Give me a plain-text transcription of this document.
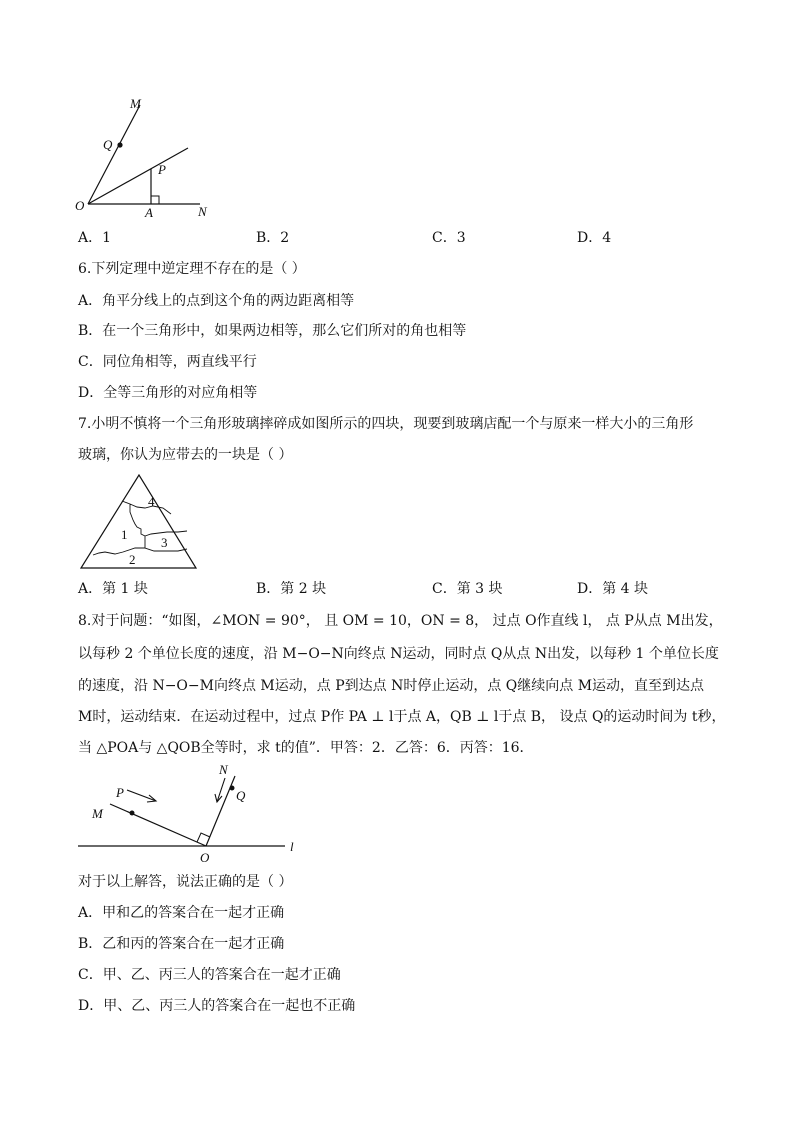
M
Q
P
O	A	N
A．1	B．2	C．3	D．4
6.下列定理中逆定理不存在的是（ ）
A．角平分线上的点到这个角的两边距离相等
B．在一个三角形中，如果两边相等，那么它们所对的角也相等
C．同位角相等，两直线平行
D．全等三角形的对应角相等
7.小明不慎将一个三角形玻璃摔碎成如图所示的四块，现要到玻璃店配一个与原来一样大小的三角形
玻璃，你认为应带去的一块是（ ）
4
1
3
2
A．第 1 块	B．第 2 块	C．第 3 块	D．第 4 块
8.对于问题：“如图，∠MON = 90°， 且 OM = 10，ON = 8， 过点 O作直线 l， 点 P从点 M出发，
以每秒 2 个单位长度的速度，沿 M−O−N向终点 N运动，同时点 Q从点 N出发，以每秒 1 个单位长度
的速度，沿 N−O−M向终点 M运动，点 P到达点 N时停止运动，点 Q继续向点 M运动，直至到达点
M时，运动结束．在运动过程中，过点 P作 PA ⊥ l于点 A，QB ⊥ l于点 B， 设点 Q的运动时间为 t秒，
当 △POA与 △QOB全等时，求 t的值”．甲答：2．乙答：6．丙答：16．
P
M
N
Q
O
l
对于以上解答，说法正确的是（ ）
A．甲和乙的答案合在一起才正确
B．乙和丙的答案合在一起才正确
C．甲、乙、丙三人的答案合在一起才正确
D．甲、乙、丙三人的答案合在一起也不正确
